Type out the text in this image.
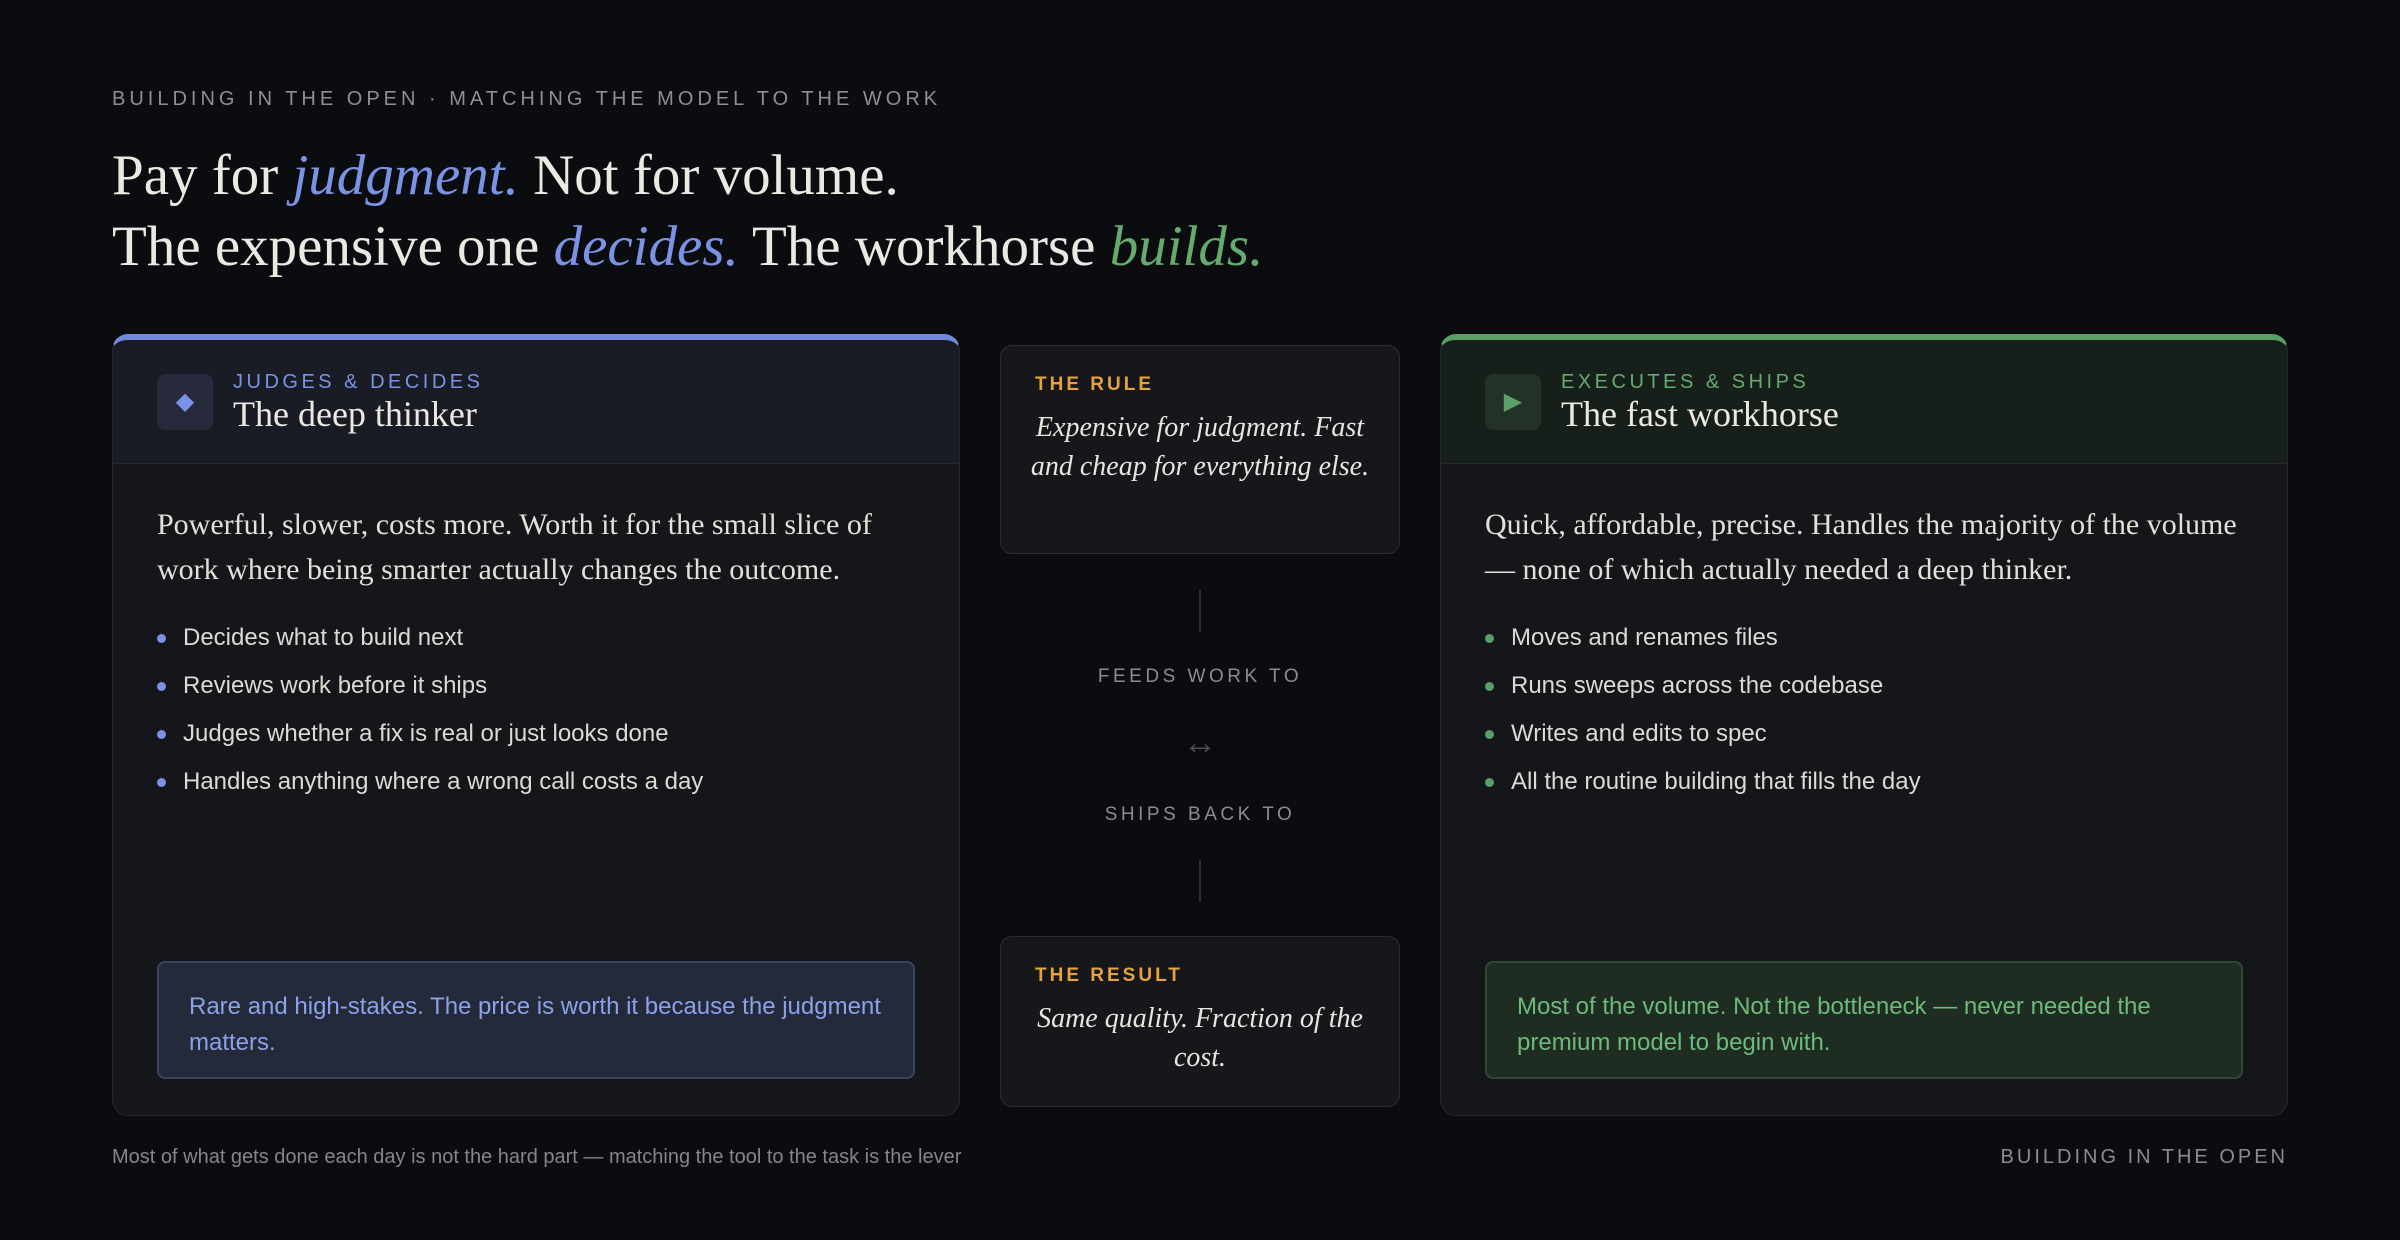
BUILDING IN THE OPEN · MATCHING THE MODEL TO THE WORK
Pay for judgment. Not for volume.
The expensive one decides. The workhorse builds.
◆
JUDGES & DECIDES
The deep thinker
Powerful, slower, costs more. Worth it for the small slice of work where being smarter actually changes the outcome.
Decides what to build next
Reviews work before it ships
Judges whether a fix is real or just looks done
Handles anything where a wrong call costs a day
Rare and high-stakes. The price is worth it because the judgment matters.
THE RULE
Expensive for judgment. Fast and cheap for everything else.
FEEDS WORK TO
↔
SHIPS BACK TO
THE RESULT
Same quality. Fraction of the cost.
▶
EXECUTES & SHIPS
The fast workhorse
Quick, affordable, precise. Handles the majority of the volume — none of which actually needed a deep thinker.
Moves and renames files
Runs sweeps across the codebase
Writes and edits to spec
All the routine building that fills the day
Most of the volume. Not the bottleneck — never needed the premium model to begin with.
Most of what gets done each day is not the hard part — matching the tool to the task is the lever	BUILDING IN THE OPEN
